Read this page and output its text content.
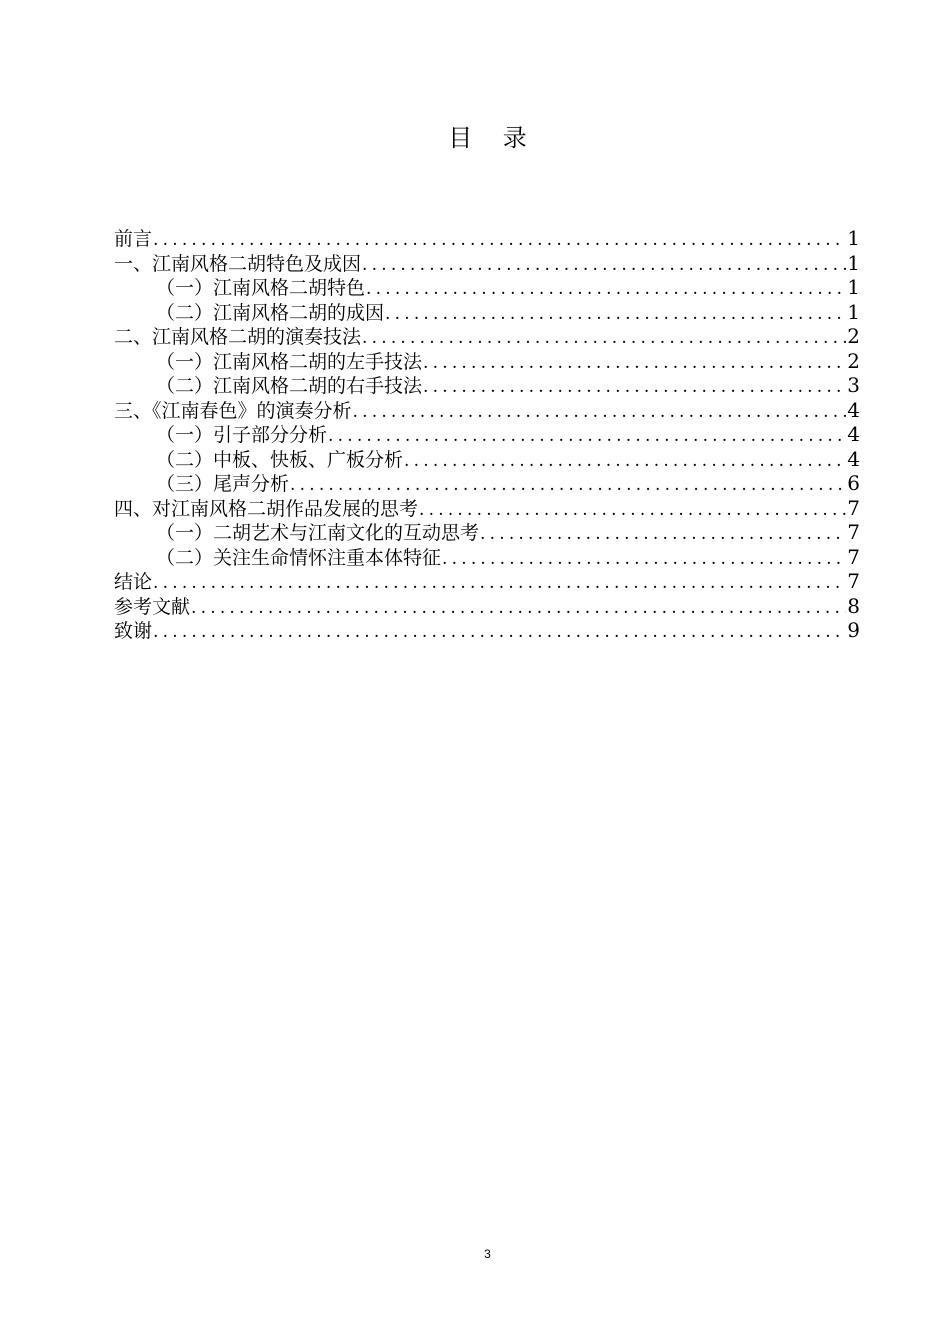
目    录
前言 .....	1
一、江南风格二胡特色及成因 .....	1
（一）江南风格二胡特色 .....	1
（二）江南风格二胡的成因 .....	1
二、江南风格二胡的演奏技法 .....	2
（一）江南风格二胡的左手技法 .....	2
（二）江南风格二胡的右手技法 .....	3
三、《江南春色》的演奏分析 .....	4
（一）引子部分分析 .....	4
（二）中板、快板、广板分析 .....	4
（三）尾声分析 .....	6
四、对江南风格二胡作品发展的思考 .....	7
（一）二胡艺术与江南文化的互动思考 .....	7
（二）关注生命情怀注重本体特征 .....	7
结论 .....	7
参考文献 .....	8
致谢 .....	9
3
